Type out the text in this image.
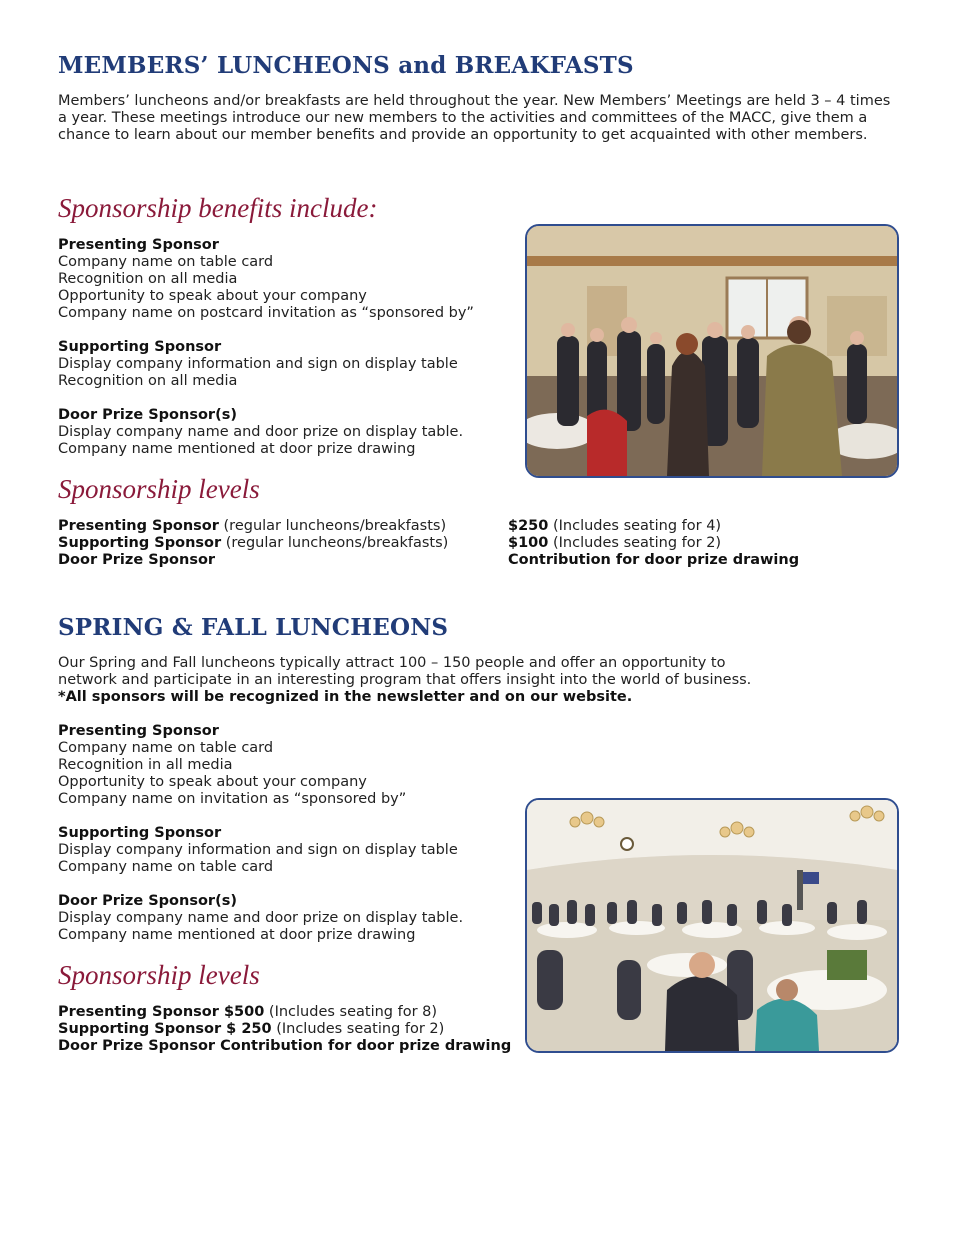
MEMBERS’ LUNCHEONS and BREAKFASTS
Members’ luncheons and/or breakfasts are held throughout the year. New Members’ Meetings are held 3 – 4 times a year. These meetings introduce our new members to the activities and committees of the MACC, give them a chance to learn about our member benefits and provide an opportunity to get acquainted with other members.
Sponsorship benefits include:
Presenting Sponsor
Company name on table card
Recognition on all media
Opportunity to speak about your company
Company name on postcard invitation as “sponsored by”
Supporting Sponsor
Display company information and sign on display table
Recognition on all media
Door Prize Sponsor(s)
Display company name and door prize on display table.
Company name mentioned at door prize drawing
Sponsorship levels
Presenting Sponsor (regular luncheons/breakfasts)
Supporting Sponsor (regular luncheons/breakfasts)
Door Prize Sponsor
$250 (Includes seating for 4)
$100 (Includes seating for 2)
Contribution for door prize drawing
SPRING & FALL LUNCHEONS
Our Spring and Fall luncheons typically attract 100 – 150 people and offer an opportunity to
network and participate in an interesting program that offers insight into the world of business.
*All sponsors will be recognized in the newsletter and on our website.
Presenting Sponsor
Company name on table card
Recognition in all media
Opportunity to speak about your company
Company name on invitation as “sponsored by”
Supporting Sponsor
Display company information and sign on display table
Company name on table card
Door Prize Sponsor(s)
Display company name and door prize on display table.
Company name mentioned at door prize drawing
Sponsorship levels
Presenting Sponsor $500 (Includes seating for 8)
Supporting Sponsor $ 250 (Includes seating for 2)
Door Prize Sponsor Contribution for door prize drawing
